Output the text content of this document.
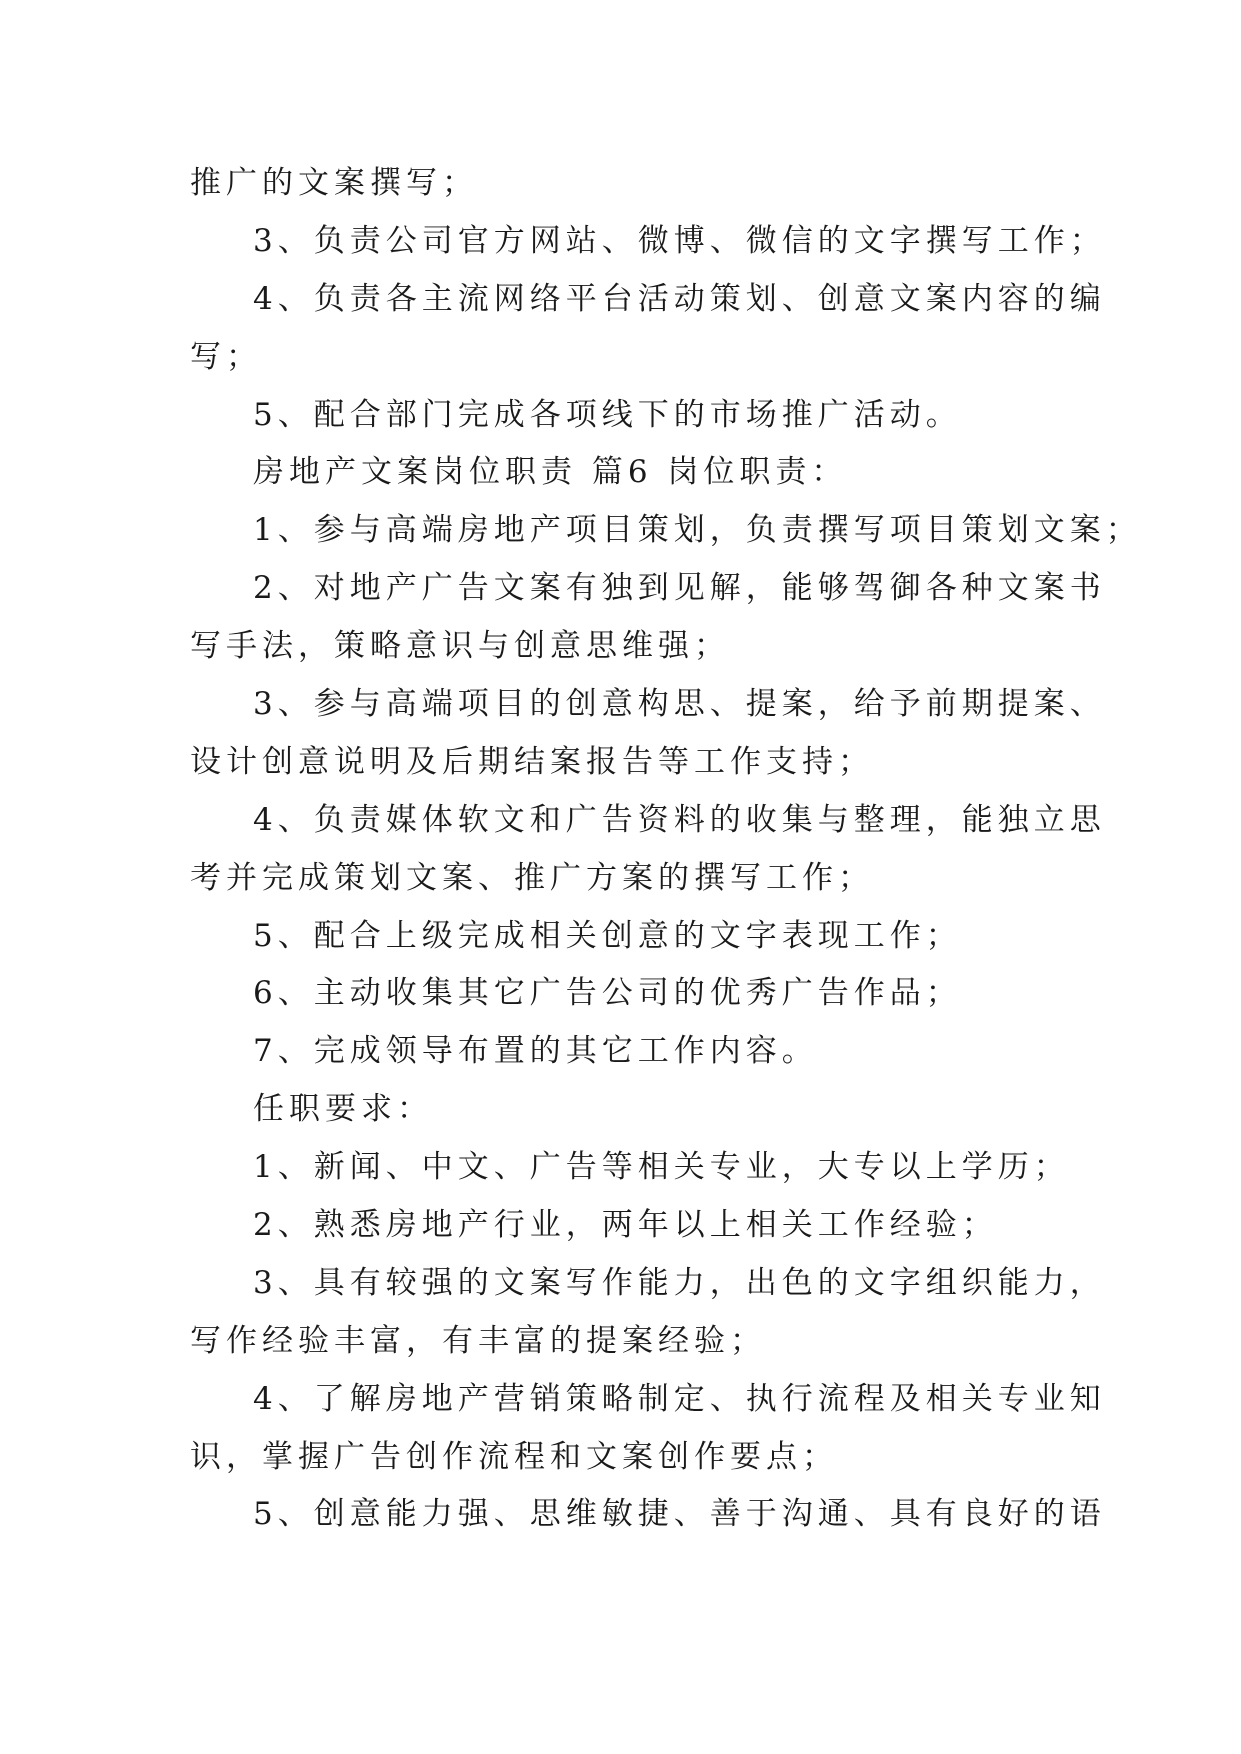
推广的文案撰写；
3、负责公司官方网站、微博、微信的文字撰写工作；
4、负责各主流网络平台活动策划、创意文案内容的编
写；
5、配合部门完成各项线下的市场推广活动。
房地产文案岗位职责 篇6 岗位职责：
1、参与高端房地产项目策划，负责撰写项目策划文案；
2、对地产广告文案有独到见解，能够驾御各种文案书
写手法，策略意识与创意思维强；
3、参与高端项目的创意构思、提案，给予前期提案、
设计创意说明及后期结案报告等工作支持；
4、负责媒体软文和广告资料的收集与整理，能独立思
考并完成策划文案、推广方案的撰写工作；
5、配合上级完成相关创意的文字表现工作；
6、主动收集其它广告公司的优秀广告作品；
7、完成领导布置的其它工作内容。
任职要求：
1、新闻、中文、广告等相关专业，大专以上学历；
2、熟悉房地产行业，两年以上相关工作经验；
3、具有较强的文案写作能力，出色的文字组织能力，
写作经验丰富，有丰富的提案经验；
4、了解房地产营销策略制定、执行流程及相关专业知
识，掌握广告创作流程和文案创作要点；
5、创意能力强、思维敏捷、善于沟通、具有良好的语
